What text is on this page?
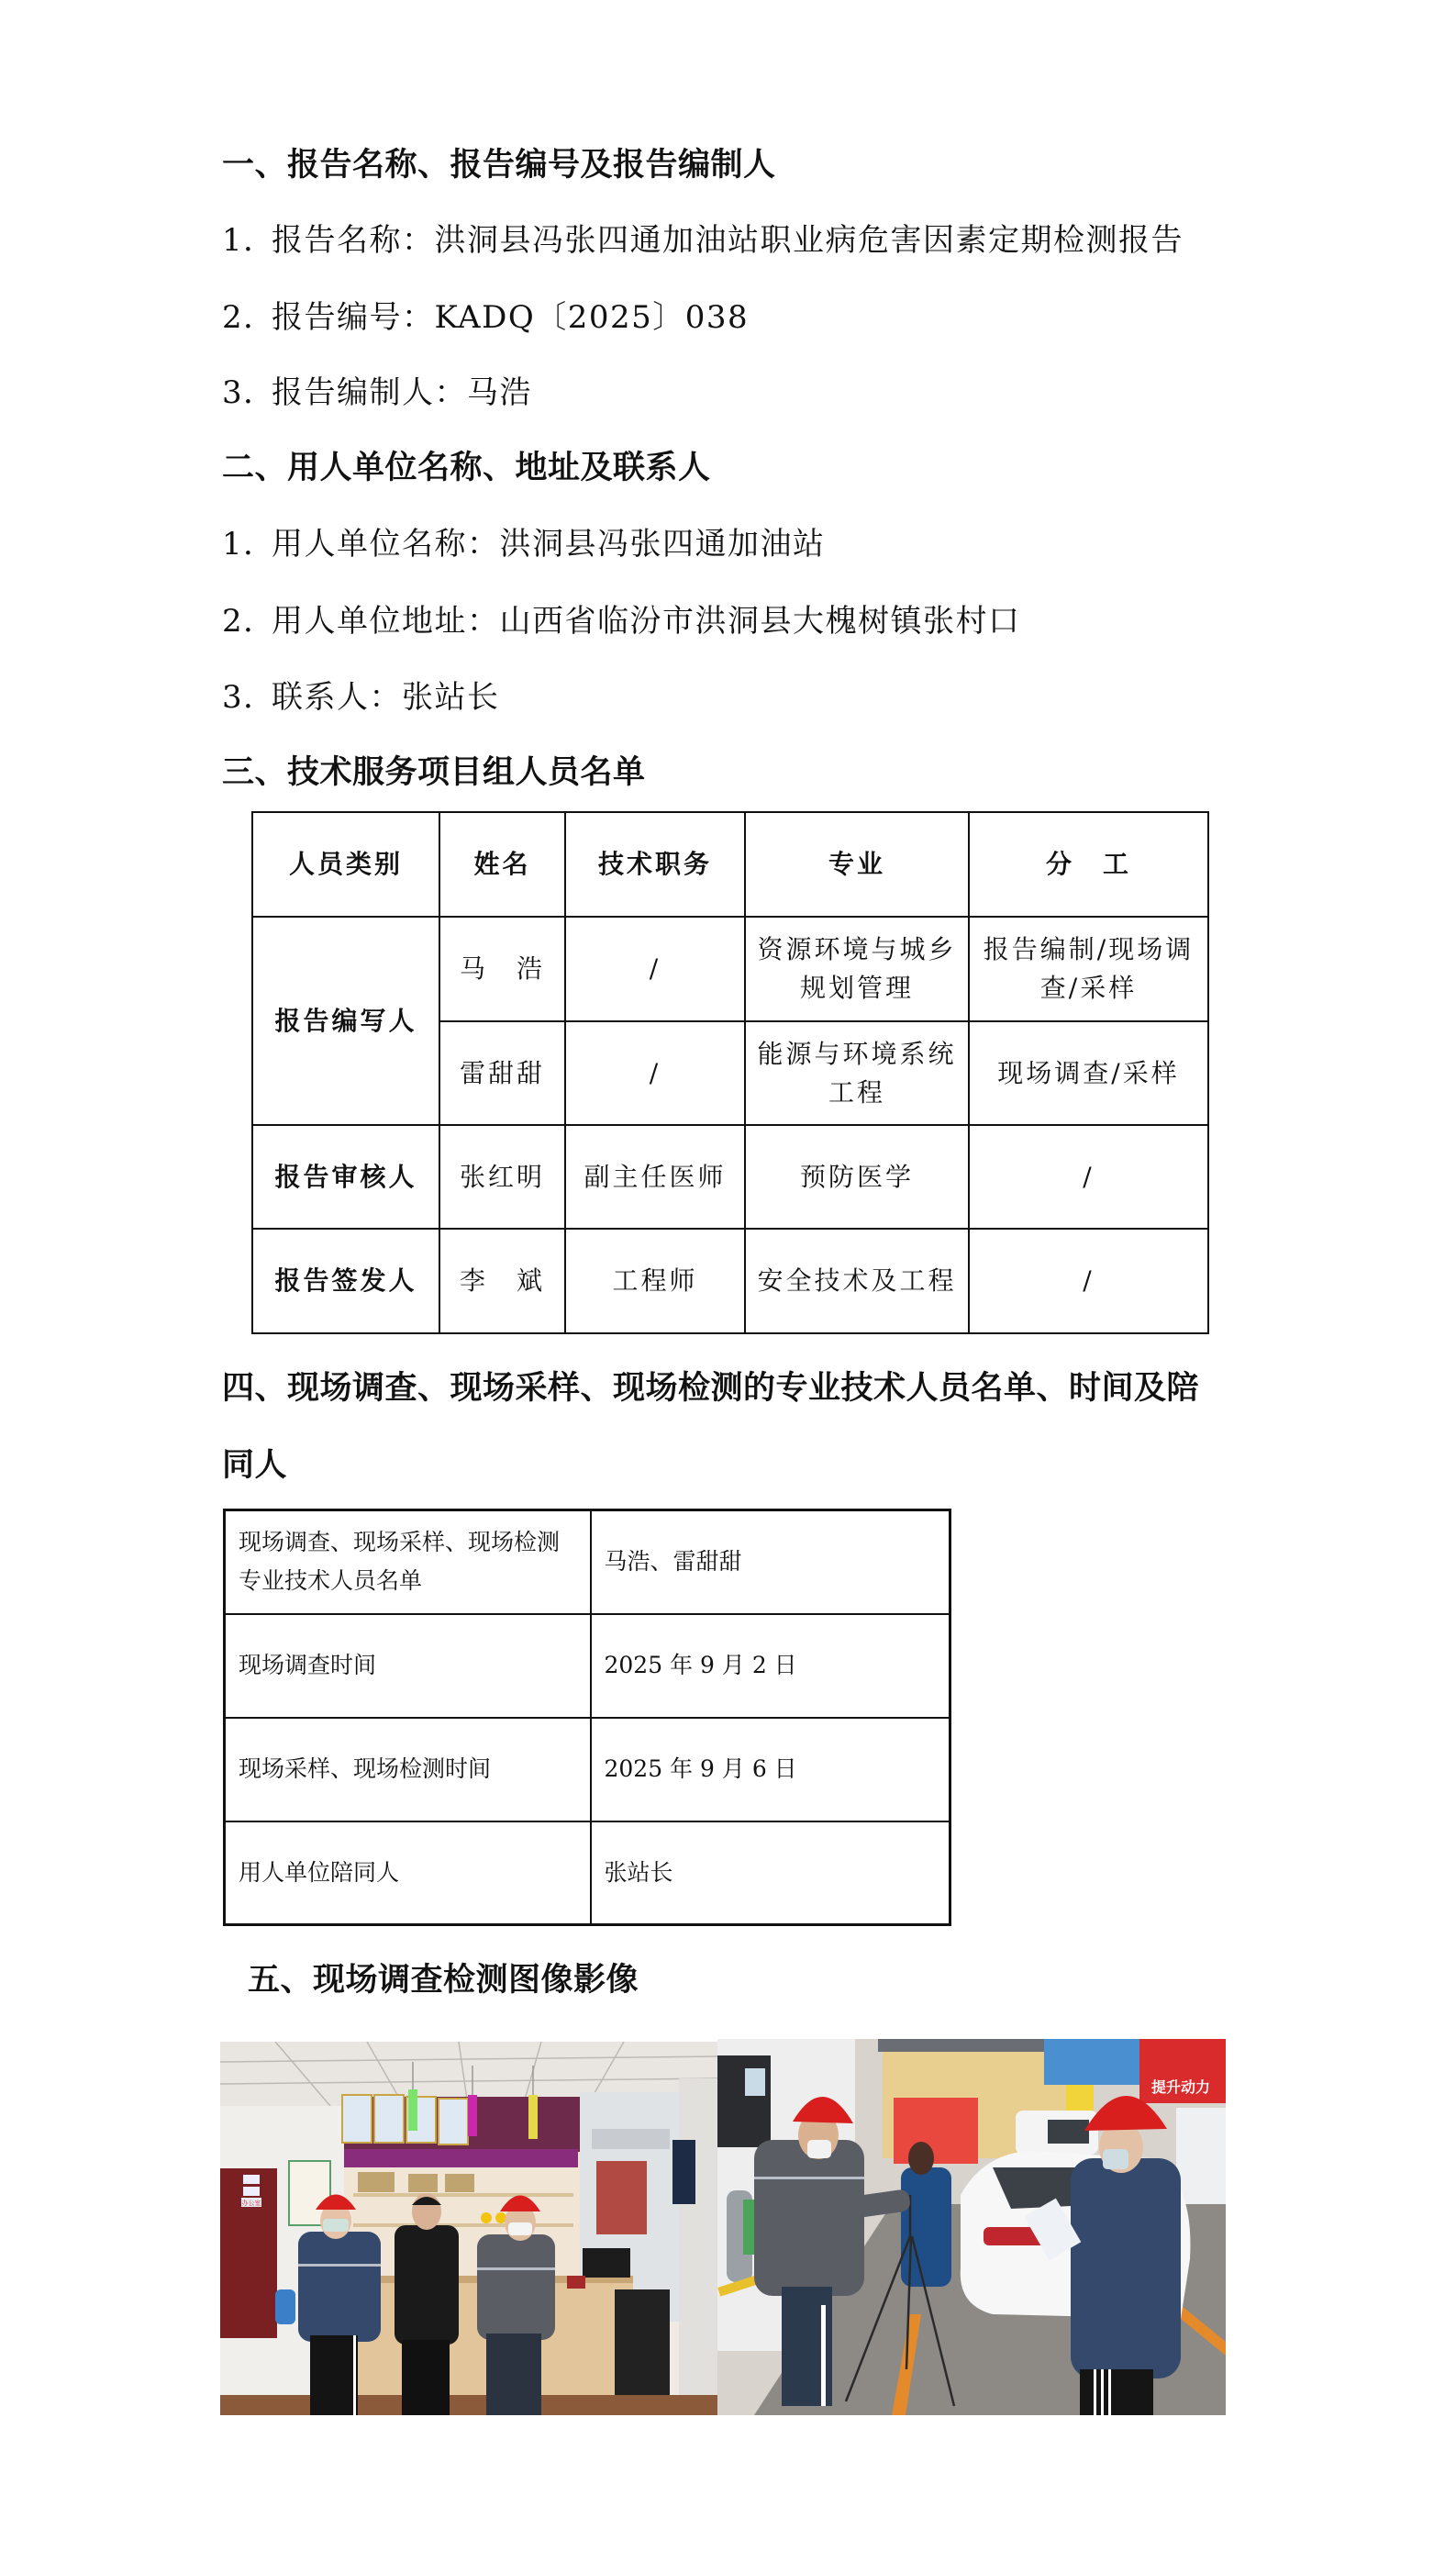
一、报告名称、报告编号及报告编制人
1．报告名称：洪洞县冯张四通加油站职业病危害因素定期检测报告
2．报告编号：KADQ〔2025〕038
3．报告编制人：马浩
二、用人单位名称、地址及联系人
1．用人单位名称：洪洞县冯张四通加油站
2．用人单位地址：山西省临汾市洪洞县大槐树镇张村口
3．联系人：张站长
三、技术服务项目组人员名单
人员类别	姓名	技术职务	专业	分　工
报告编写人	马　浩	/	资源环境与城乡规划管理	报告编制/现场调查/采样
	雷甜甜	/	能源与环境系统工程	现场调查/采样
报告审核人	张红明	副主任医师	预防医学	/
报告签发人	李　斌	工程师	安全技术及工程	/
四、现场调查、现场采样、现场检测的专业技术人员名单、时间及陪
同人
现场调查、现场采样、现场检测专业技术人员名单	马浩、雷甜甜
现场调查时间	2025 年 9 月 2 日
现场采样、现场检测时间	2025 年 9 月 6 日
用人单位陪同人	张站长
五、现场调查检测图像影像
办公室
提升动力
